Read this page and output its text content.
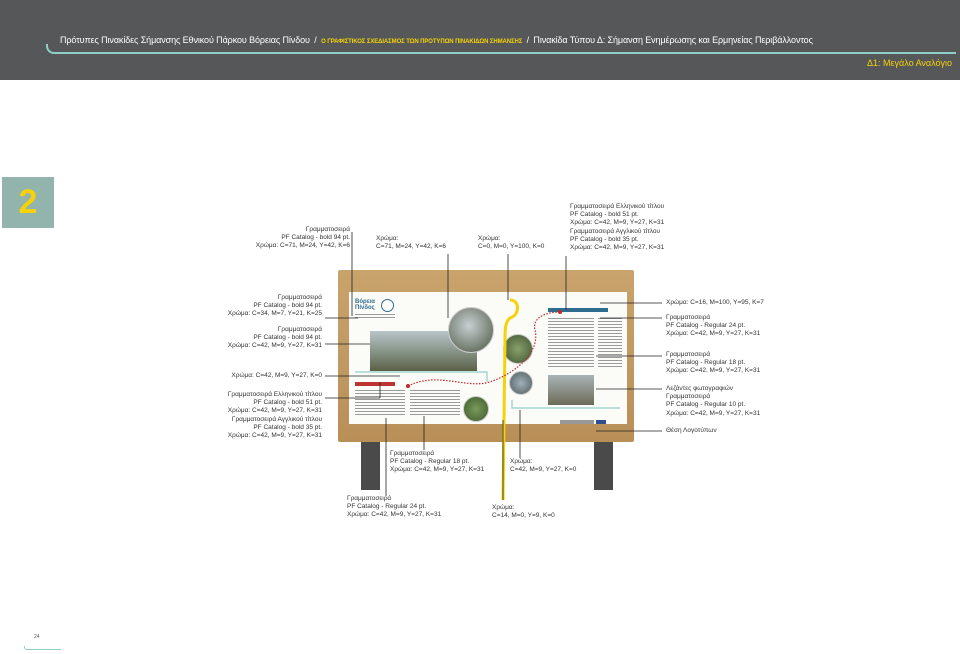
Πρότυπες Πινακίδες Σήμανσης Εθνικού Πάρκου Βόρειας Πίνδου / Ο ΓΡΑΦΙΣΤΙΚΟΣ ΣΧΕΔΙΑΣΜΟΣ ΤΩΝ ΠΡΟΤΥΠΩΝ ΠΙΝΑΚΙΔΩΝ ΣΗΜΑΝΣΗΣ / Πινακίδα Τύπου Δ: Σήμανση Ενημέρωσης και Ερμηνείας Περιβάλλοντος
Δ1: Μεγάλο Αναλόγιο
2
Βόρεια Πίνδος
Γραμματοσειρά
PF Catalog - bold 94 pt.
Χρώμα: C=71, M=24, Y=42, K=6
Χρώμα:
C=71, M=24, Y=42, K=6
Χρώμα:
C=0, M=0, Y=100, K=0
Γραμματοσειρά Ελληνικού τίτλου
PF Catalog - bold 51 pt.
Χρώμα: C=42, M=9, Y=27, K=31
Γραμματοσειρά Αγγλικού τίτλου
PF Catalog - bold 35 pt.
Χρώμα: C=42, M=9, Y=27, K=31
Γραμματοσειρά
PF Catalog - bold 94 pt.
Χρώμα: C=34, M=7, Y=21, K=25
Γραμματοσειρά
PF Catalog - bold 94 pt.
Χρώμα: C=42, M=9, Y=27, K=31
Χρώμα: C=42, M=9, Y=27, K=0
Γραμματοσειρά Ελληνικού τίτλου
PF Catalog - bold 51 pt.
Χρώμα: C=42, M=9, Y=27, K=31
Γραμματοσειρά Αγγλικού τίτλου
PF Catalog - bold 35 pt.
Χρώμα: C=42, M=9, Y=27, K=31
Χρώμα: C=16, M=100, Y=95, K=7
Γραμματοσειρά
PF Catalog - Regular 24 pt.
Χρώμα: C=42, M=9, Y=27, K=31
Γραμματοσειρά
PF Catalog - Regular 18 pt.
Χρώμα: C=42, M=9, Y=27, K=31
Λεζάντες φωτογραφιών
Γραμματοσειρά
PF Catalog - Regular 10 pt.
Χρώμα: C=42, M=9, Y=27, K=31
Θέση Λογοτύπων
Γραμματοσειρά
PF Catalog - Regular 18 pt.
Χρώμα: C=42, M=9, Y=27, K=31
Χρώμα:
C=42, M=9, Y=27, K=0
Γραμματοσειρά
PF Catalog - Regular 24 pt.
Χρώμα: C=42, M=9, Y=27, K=31
Χρώμα:
C=14, M=0, Y=9, K=0
24
